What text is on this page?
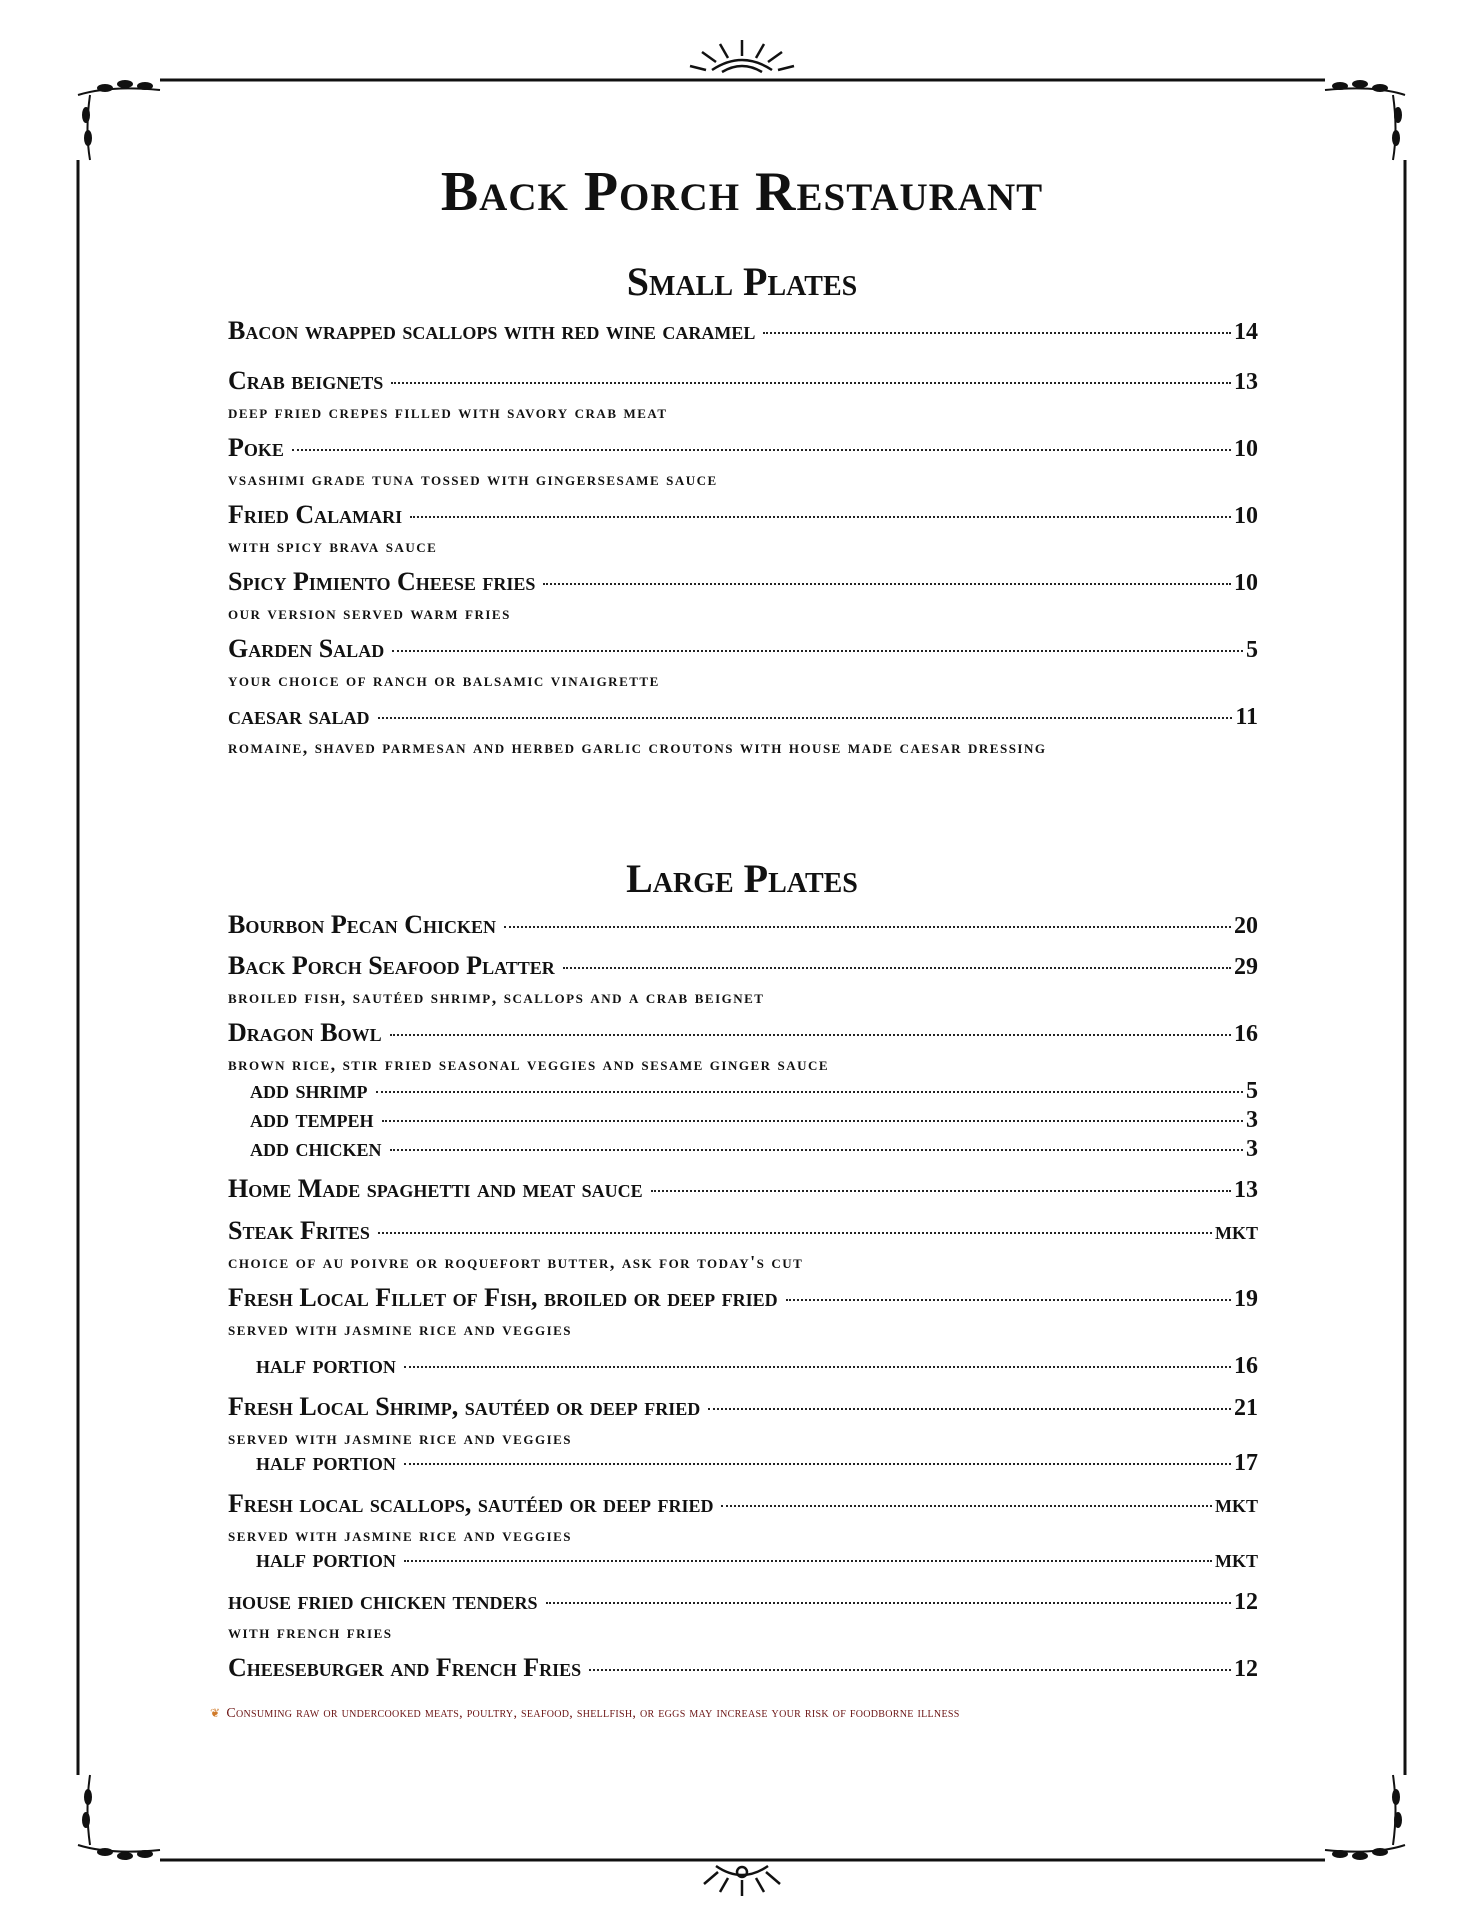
Back Porch Restaurant
Small Plates
Bacon wrapped scallops with red wine caramel	14
Crab beignets	13
deep fried crepes filled with savory crab meat
Poke	10
vsashimi grade tuna tossed with gingersesame sauce
Fried Calamari	10
with spicy brava sauce
Spicy Pimiento Cheese fries	10
our version served warm fries
Garden Salad	5
your choice of ranch or balsamic vinaigrette
caesar salad	11
romaine, shaved parmesan and herbed garlic croutons with house made caesar dressing
Large Plates
Bourbon Pecan Chicken	20
Back Porch Seafood Platter	29
broiled fish, sautéed shrimp, scallops and a crab beignet
Dragon Bowl	16
brown rice, stir fried seasonal veggies and sesame ginger sauce
add shrimp	5
add tempeh	3
add chicken	3
Home Made spaghetti and meat sauce	13
Steak Frites	MKT
choice of au poivre or roquefort butter, ask for today's cut
Fresh Local Fillet of Fish, broiled or deep fried	19
served with jasmine rice and veggies
half portion	16
Fresh Local Shrimp, sautéed or deep fried	21
served with jasmine rice and veggies
half portion	17
Fresh local scallops, sautéed or deep fried	MKT
served with jasmine rice and veggies
half portion	MKT
house fried chicken tenders	12
with french fries
Cheeseburger and French Fries	12
❦ Consuming raw or undercooked meats, poultry, seafood, shellfish, or eggs may increase your risk of foodborne illness
